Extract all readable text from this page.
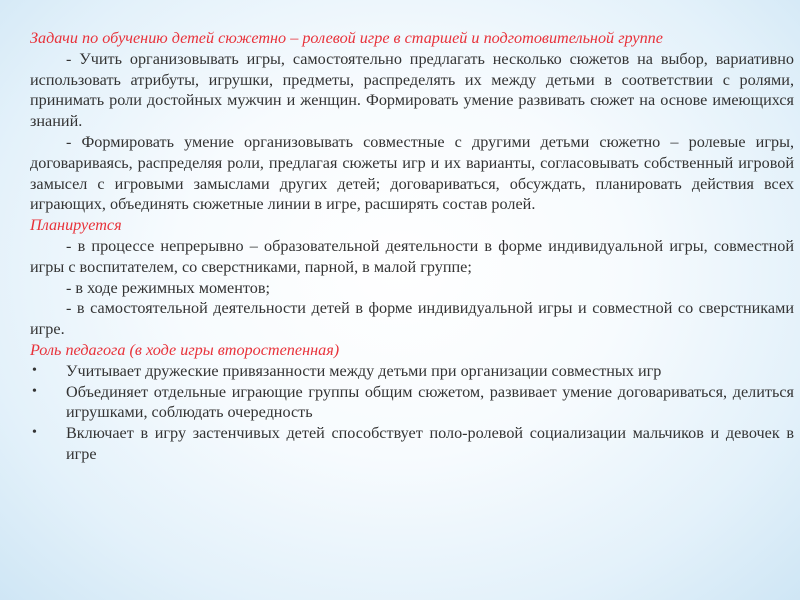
Задачи по обучению детей сюжетно – ролевой игре в старшей и подготовительной группе

- Учить организовывать игры, самостоятельно предлагать несколько сюжетов на выбор, вариативно использовать атрибуты, игрушки, предметы, распределять их между детьми в соответствии с ролями, принимать роли достойных мужчин и женщин. Формировать умение развивать сюжет на основе имеющихся знаний.

- Формировать умение организовывать совместные с другими детьми сюжетно – ролевые игры, договариваясь, распределяя роли, предлагая сюжеты игр и их варианты, согласовывать собственный игровой замысел с игровыми замыслами других детей; договариваться, обсуждать, планировать действия всех играющих, объединять сюжетные линии в игре, расширять состав ролей.

Планируется

- в процессе непрерывно – образовательной деятельности в форме индивидуальной игры, совместной игры с воспитателем, со сверстниками, парной, в малой группе;

- в ходе режимных моментов;

- в самостоятельной деятельности детей в форме индивидуальной игры и совместной со сверстниками игре.

Роль педагога (в ходе игры второстепенная)

• Учитывает дружеские привязанности между детьми при организации совместных игр
• Объединяет отдельные играющие группы общим сюжетом, развивает умение договариваться, делиться игрушками, соблюдать очередность
• Включает в игру застенчивых детей способствует поло-ролевой социализации мальчиков и девочек в игре
